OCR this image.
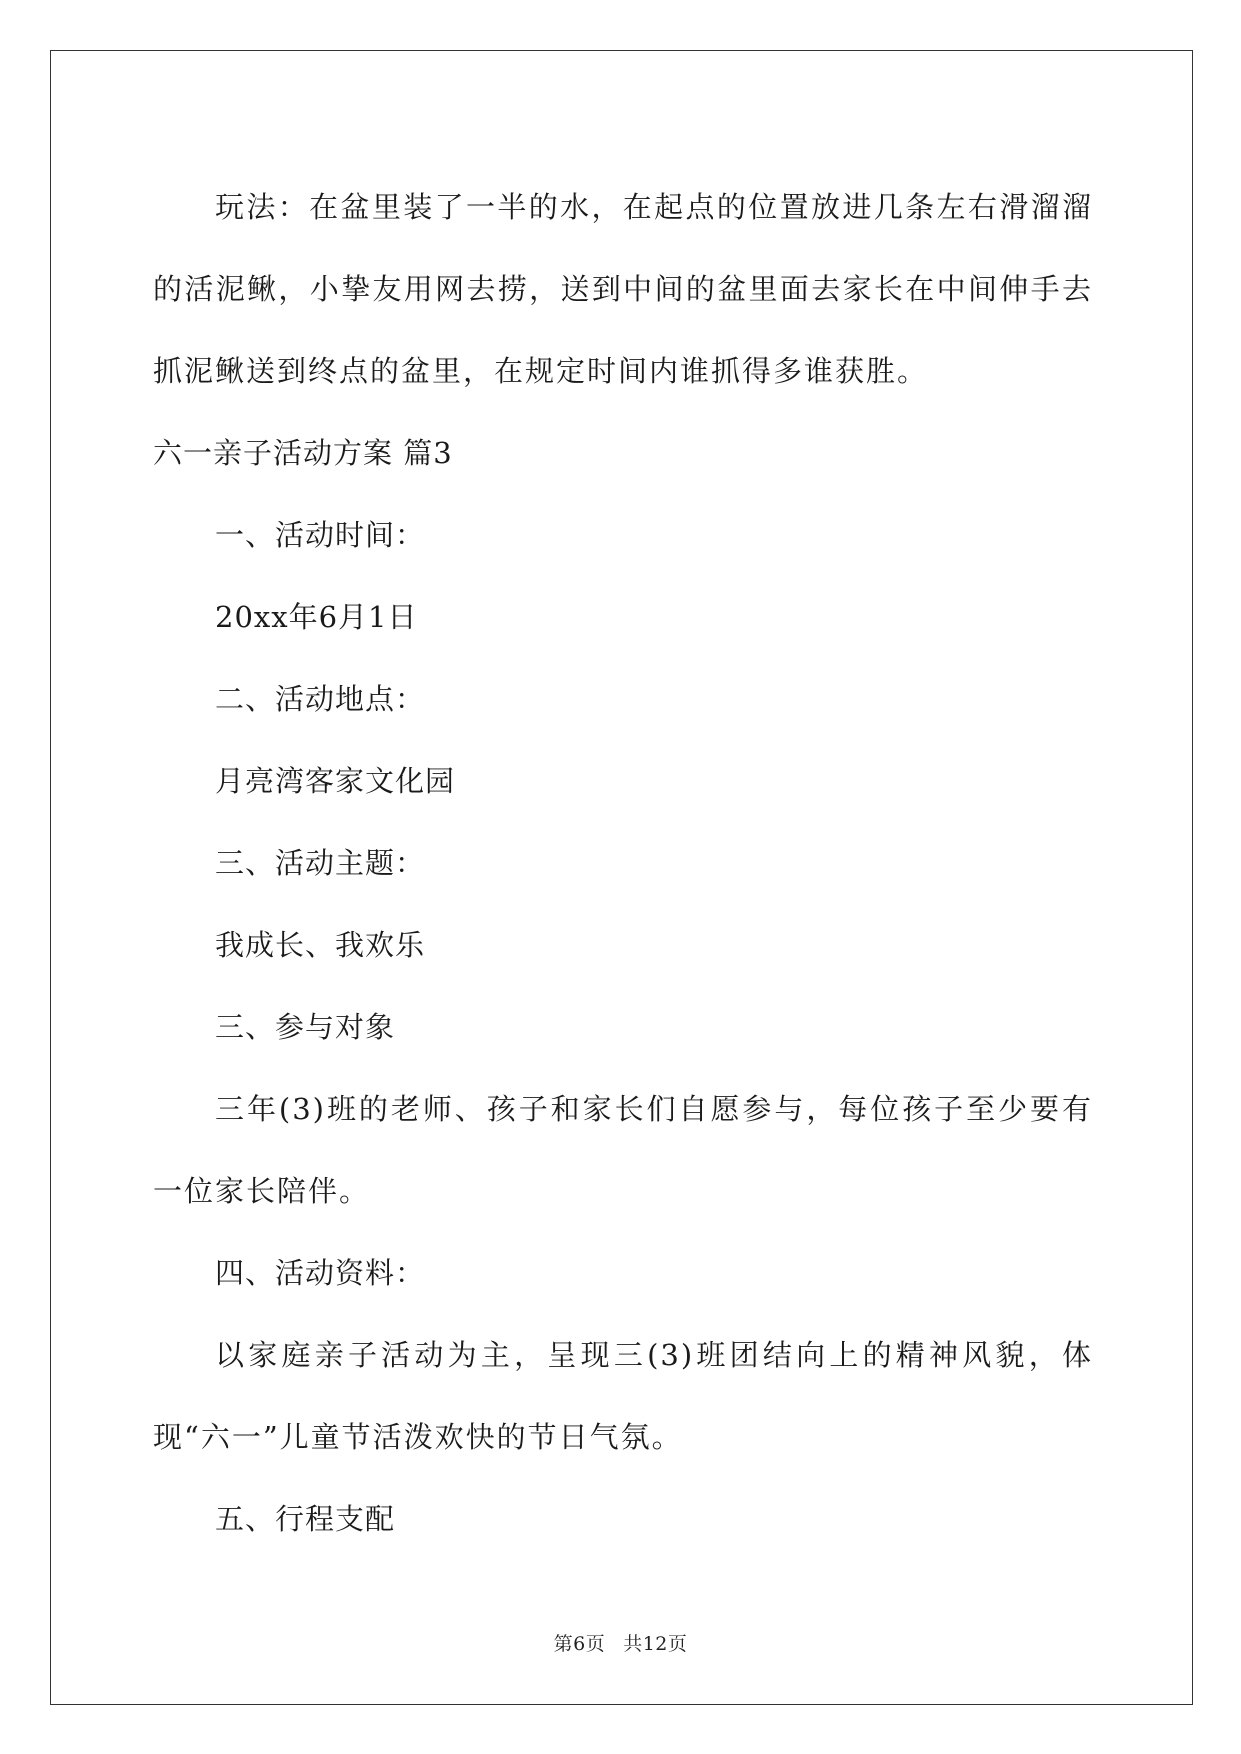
玩法：在盆里装了一半的水，在起点的位置放进几条左右滑溜溜的活泥鳅，小挚友用网去捞，送到中间的盆里面去家长在中间伸手去抓泥鳅送到终点的盆里，在规定时间内谁抓得多谁获胜。

六一亲子活动方案 篇3

一、活动时间：

20xx年6月1日

二、活动地点：

月亮湾客家文化园

三、活动主题：

我成长、我欢乐

三、参与对象

三年(3)班的老师、孩子和家长们自愿参与，每位孩子至少要有一位家长陪伴。

四、活动资料：

以家庭亲子活动为主，呈现三(3)班团结向上的精神风貌，体现“六一”儿童节活泼欢快的节日气氛。

五、行程支配

第6页 共12页
